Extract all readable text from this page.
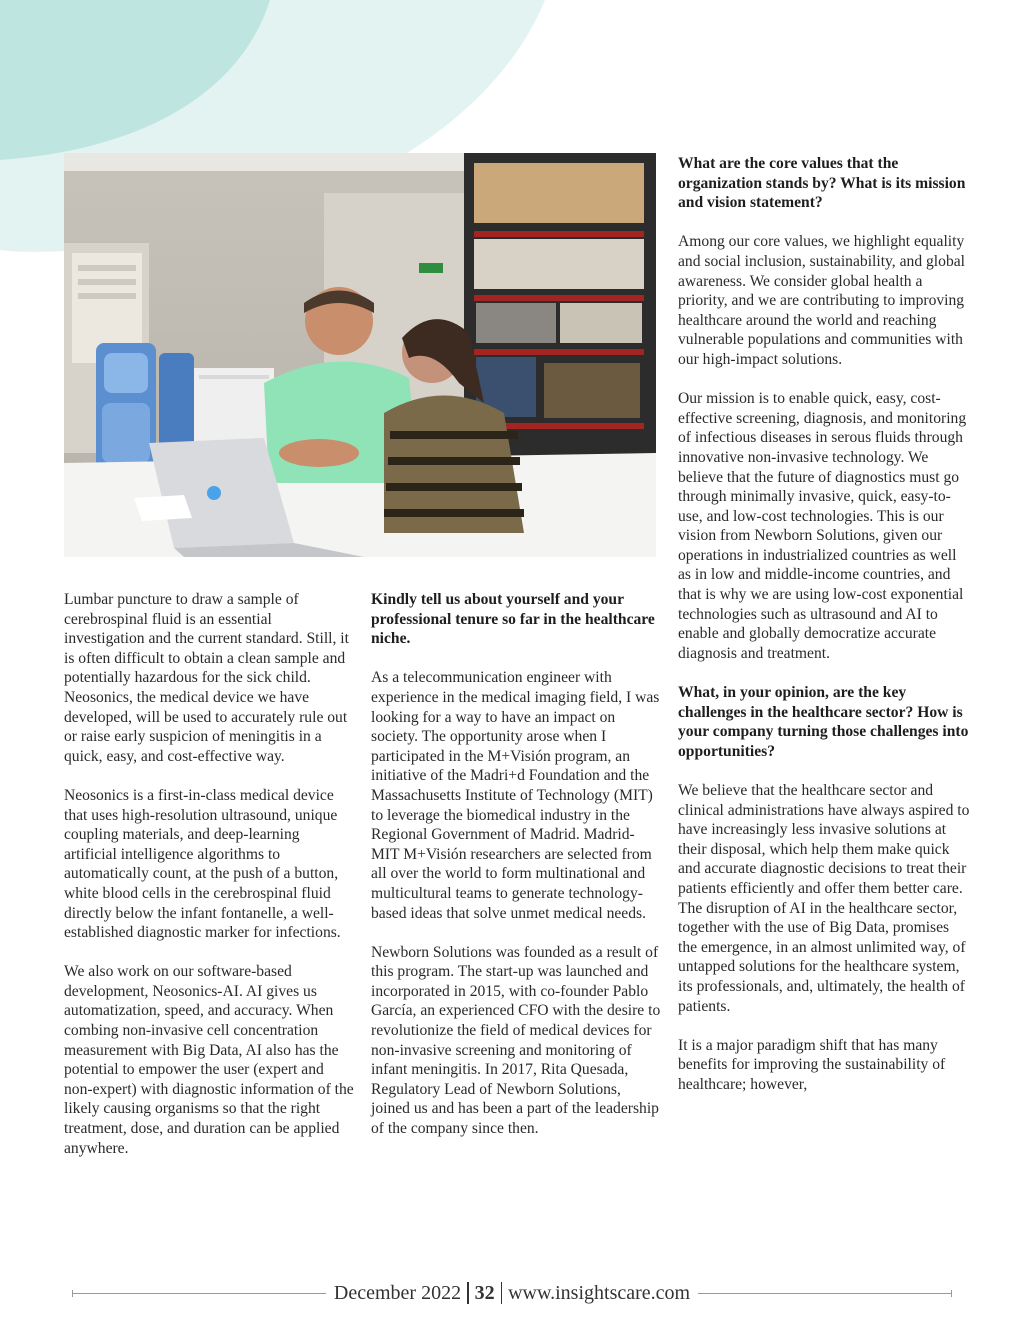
Lumbar puncture to draw a sample of cerebrospinal fluid is an essential investigation and the current standard. Still, it is often difficult to obtain a clean sample and potentially hazardous for the sick child. Neosonics, the medical device we have developed, will be used to accurately rule out or raise early suspicion of meningitis in a quick, easy, and cost-effective way.

Neosonics is a first-in-class medical device that uses high-resolution ultrasound, unique coupling materials, and deep-learning artificial intelligence algorithms to automatically count, at the push of a button, white blood cells in the cerebrospinal fluid directly below the infant fontanelle, a well-established diagnostic marker for infections.

We also work on our software-based development, Neosonics-AI. AI gives us automatization, speed, and accuracy. When combing non-invasive cell concentration measurement with Big Data, AI also has the potential to empower the user (expert and non-expert) with diagnostic information of the likely causing organisms so that the right treatment, dose, and duration can be applied anywhere.

Kindly tell us about yourself and your professional tenure so far in the healthcare niche.

As a telecommunication engineer with experience in the medical imaging field, I was looking for a way to have an impact on society. The opportunity arose when I participated in the M+Visión program, an initiative of the Madri+d Foundation and the Massachusetts Institute of Technology (MIT) to leverage the biomedical industry in the Regional Government of Madrid. Madrid-MIT M+Visión researchers are selected from all over the world to form multinational and multicultural teams to generate technology-based ideas that solve unmet medical needs.

Newborn Solutions was founded as a result of this program. The start-up was launched and incorporated in 2015, with co-founder Pablo García, an experienced CFO with the desire to revolutionize the field of medical devices for non-invasive screening and monitoring of infant meningitis. In 2017, Rita Quesada, Regulatory Lead of Newborn Solutions, joined us and has been a part of the leadership of the company since then.

What are the core values that the organization stands by? What is its mission and vision statement?

Among our core values, we highlight equality and social inclusion, sustainability, and global awareness. We consider global health a priority, and we are contributing to improving healthcare around the world and reaching vulnerable populations and communities with our high-impact solutions.

Our mission is to enable quick, easy, cost-effective screening, diagnosis, and monitoring of infectious diseases in serous fluids through innovative non-invasive technology. We believe that the future of diagnostics must go through minimally invasive, quick, easy-to-use, and low-cost technologies. This is our vision from Newborn Solutions, given our operations in industrialized countries as well as in low and middle-income countries, and that is why we are using low-cost exponential technologies such as ultrasound and AI to enable and globally democratize accurate diagnosis and treatment.

What, in your opinion, are the key challenges in the healthcare sector? How is your company turning those challenges into opportunities?

We believe that the healthcare sector and clinical administrations have always aspired to have increasingly less invasive solutions at their disposal, which help them make quick and accurate diagnostic decisions to treat their patients efficiently and offer them better care. The disruption of AI in the healthcare sector, together with the use of Big Data, promises the emergence, in an almost unlimited way, of untapped solutions for the healthcare system, its professionals, and, ultimately, the health of patients.

It is a major paradigm shift that has many benefits for improving the sustainability of healthcare; however,

December 2022 32 www.insightscare.com
